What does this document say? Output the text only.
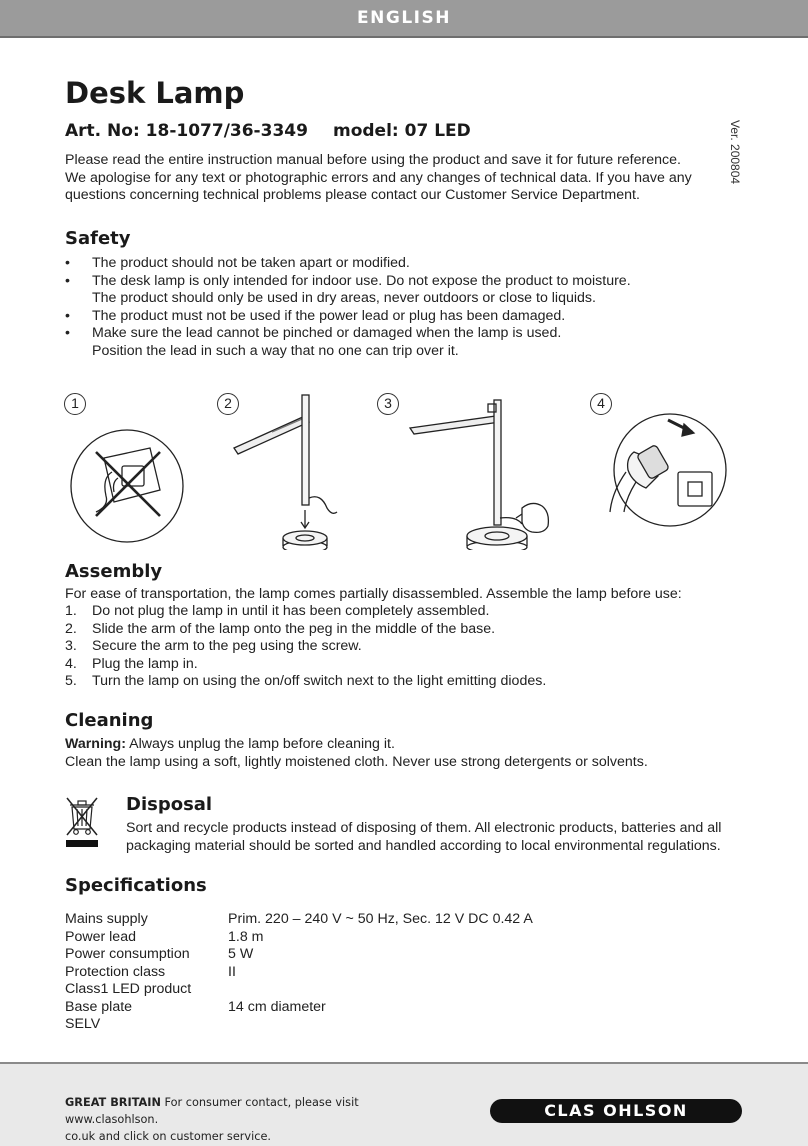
ENGLISH
Ver. 200804
Desk Lamp
Art. No: 18-1077/36-3349 model: 07 LED
Please read the entire instruction manual before using the product and save it for future reference.
We apologise for any text or photographic errors and any changes of technical data. If you have any
questions concerning technical problems please contact our Customer Service Department.
Safety
• The product should not be taken apart or modified.
• The desk lamp is only intended for indoor use. Do not expose the product to moisture.
The product should only be used in dry areas, never outdoors or close to liquids.
• The product must not be used if the power lead or plug has been damaged.
• Make sure the lead cannot be pinched or damaged when the lamp is used.
Position the lead in such a way that no one can trip over it.
1	2	3	4
Assembly
For ease of transportation, the lamp comes partially disassembled. Assemble the lamp before use:
1. Do not plug the lamp in until it has been completely assembled.
2. Slide the arm of the lamp onto the peg in the middle of the base.
3. Secure the arm to the peg using the screw.
4. Plug the lamp in.
5. Turn the lamp on using the on/off switch next to the light emitting diodes.
Cleaning
Warning: Always unplug the lamp before cleaning it.
Clean the lamp using a soft, lightly moistened cloth. Never use strong detergents or solvents.
Disposal
Sort and recycle products instead of disposing of them. All electronic products, batteries and all
packaging material should be sorted and handled according to local environmental regulations.
Specifications
Mains supply	Prim. 220 – 240 V ~ 50 Hz, Sec. 12 V DC 0.42 A
Power lead	1.8 m
Power consumption	5 W
Protection class	II
Class1 LED product
Base plate	14 cm diameter
SELV
GREAT BRITAIN For consumer contact, please visit www.clasohlson.
co.uk and click on customer service.
CLAS OHLSON
